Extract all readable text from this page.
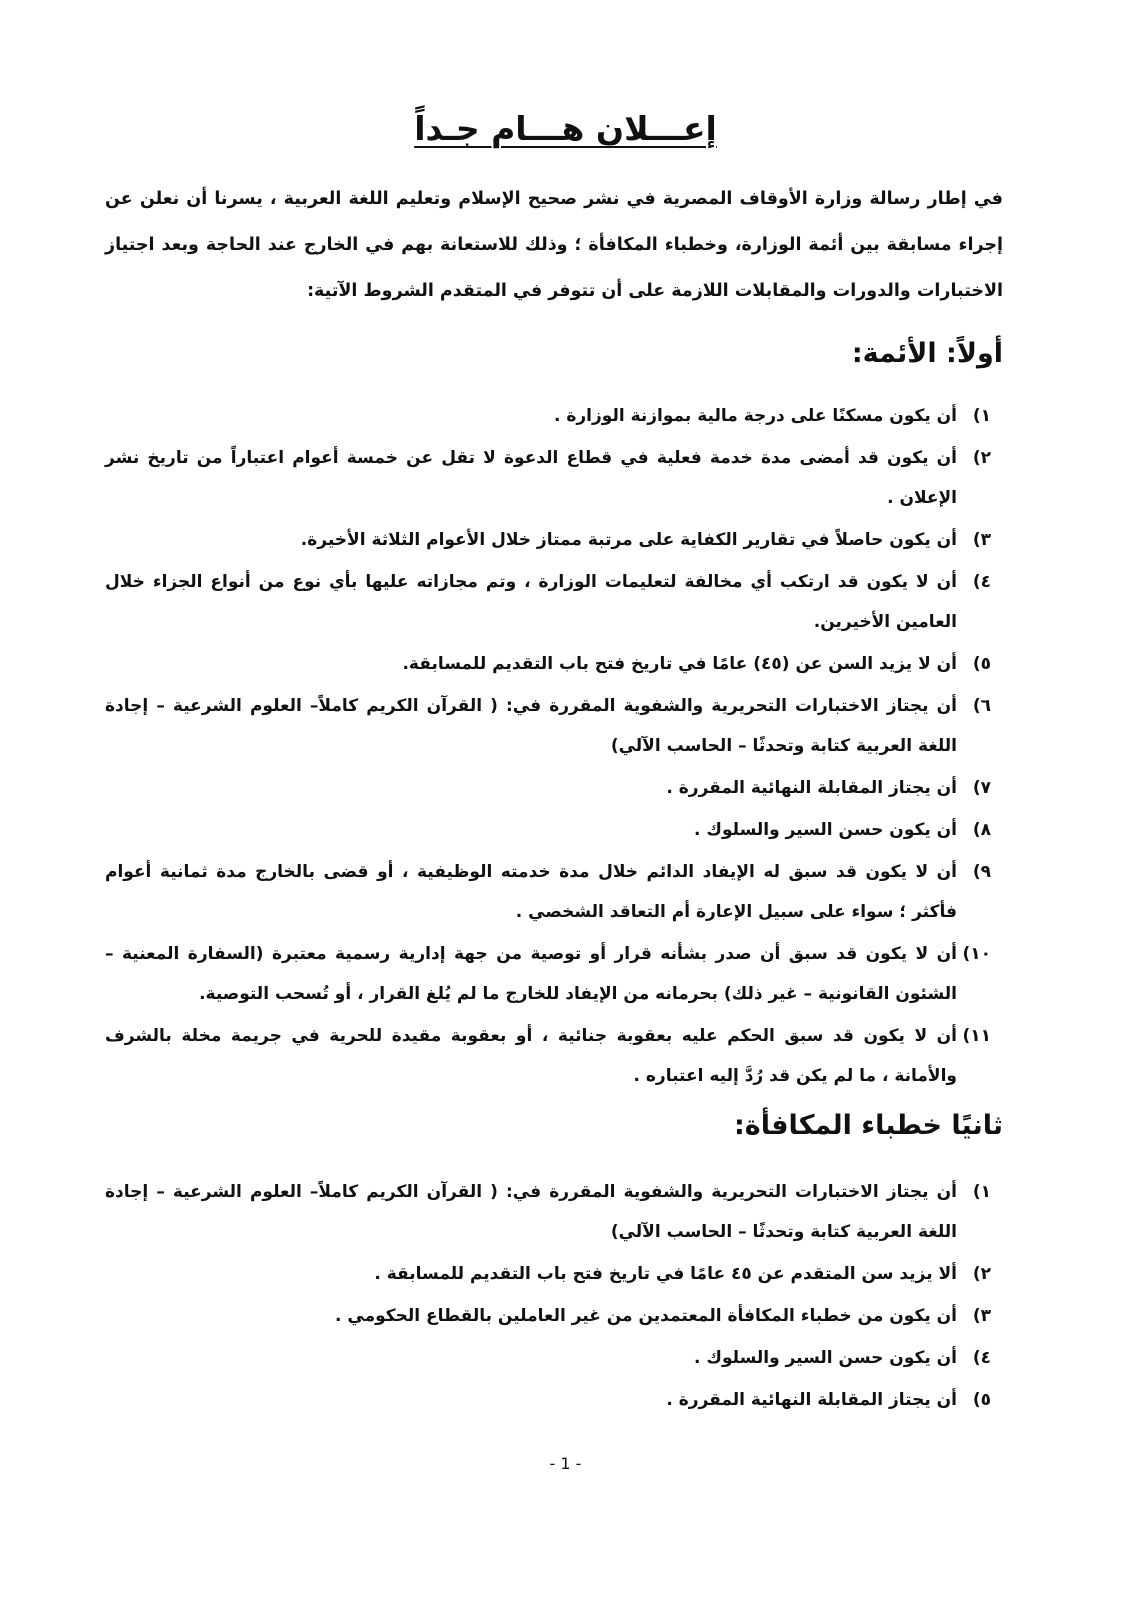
إعـــلان هـــام جـداً
في إطار رسالة وزارة الأوقاف المصرية في نشر صحيح الإسلام وتعليم اللغة العربية ، يسرنا أن نعلن عن إجراء مسابقة بين أئمة الوزارة، وخطباء المكافأة ؛ وذلك للاستعانة بهم في الخارج عند الحاجة وبعد اجتياز الاختبارات والدورات والمقابلات اللازمة على أن تتوفر في المتقدم الشروط الآتية:
أولاً: الأئمة:
١)
أن يكون مسكنًا على درجة مالية بموازنة الوزارة .
٢)
أن يكون قد أمضى مدة خدمة فعلية في قطاع الدعوة لا تقل عن خمسة أعوام اعتباراً من تاريخ نشر الإعلان .
٣)
أن يكون حاصلاً في تقارير الكفاية على مرتبة ممتاز خلال الأعوام الثلاثة الأخيرة.
٤)
أن لا يكون قد ارتكب أي مخالفة لتعليمات الوزارة ، وتم مجازاته عليها بأي نوع من أنواع الجزاء خلال العامين الأخيرين.
٥)
أن لا يزيد السن عن (٤٥) عامًا في تاريخ فتح باب التقديم للمسابقة.
٦)
أن يجتاز الاختبارات التحريرية والشفوية المقررة في: ( القرآن الكريم كاملاً– العلوم الشرعية – إجادة اللغة العربية كتابة وتحدثًا – الحاسب الآلي)
٧)
أن يجتاز المقابلة النهائية المقررة .
٨)
أن يكون حسن السير والسلوك .
٩)
أن لا يكون قد سبق له الإيفاد الدائم خلال مدة خدمته الوظيفية ، أو قضى بالخارج مدة ثمانية أعوام فأكثر ؛ سواء على سبيل الإعارة أم التعاقد الشخصي .
١٠)
أن لا يكون قد سبق أن صدر بشأنه قرار أو توصية من جهة إدارية رسمية معتبرة (السفارة المعنية – الشئون القانونية – غير ذلك) بحرمانه من الإيفاد للخارج ما لم يُلغ القرار ، أو تُسحب التوصية.
١١)
أن لا يكون قد سبق الحكم عليه بعقوبة جنائية ، أو بعقوبة مقيدة للحرية في جريمة مخلة بالشرف والأمانة ، ما لم يكن قد رُدَّ إليه اعتباره .
ثانيًا خطباء المكافأة:
١)
أن يجتاز الاختبارات التحريرية والشفوية المقررة في: ( القرآن الكريم كاملاً– العلوم الشرعية – إجادة اللغة العربية كتابة وتحدثًا – الحاسب الآلي)
٢)
ألا يزيد سن المتقدم عن ٤٥ عامًا في تاريخ فتح باب التقديم للمسابقة .
٣)
أن يكون من خطباء المكافأة المعتمدين من غير العاملين بالقطاع الحكومي .
٤)
أن يكون حسن السير والسلوك .
٥)
أن يجتاز المقابلة النهائية المقررة .
- 1 -
